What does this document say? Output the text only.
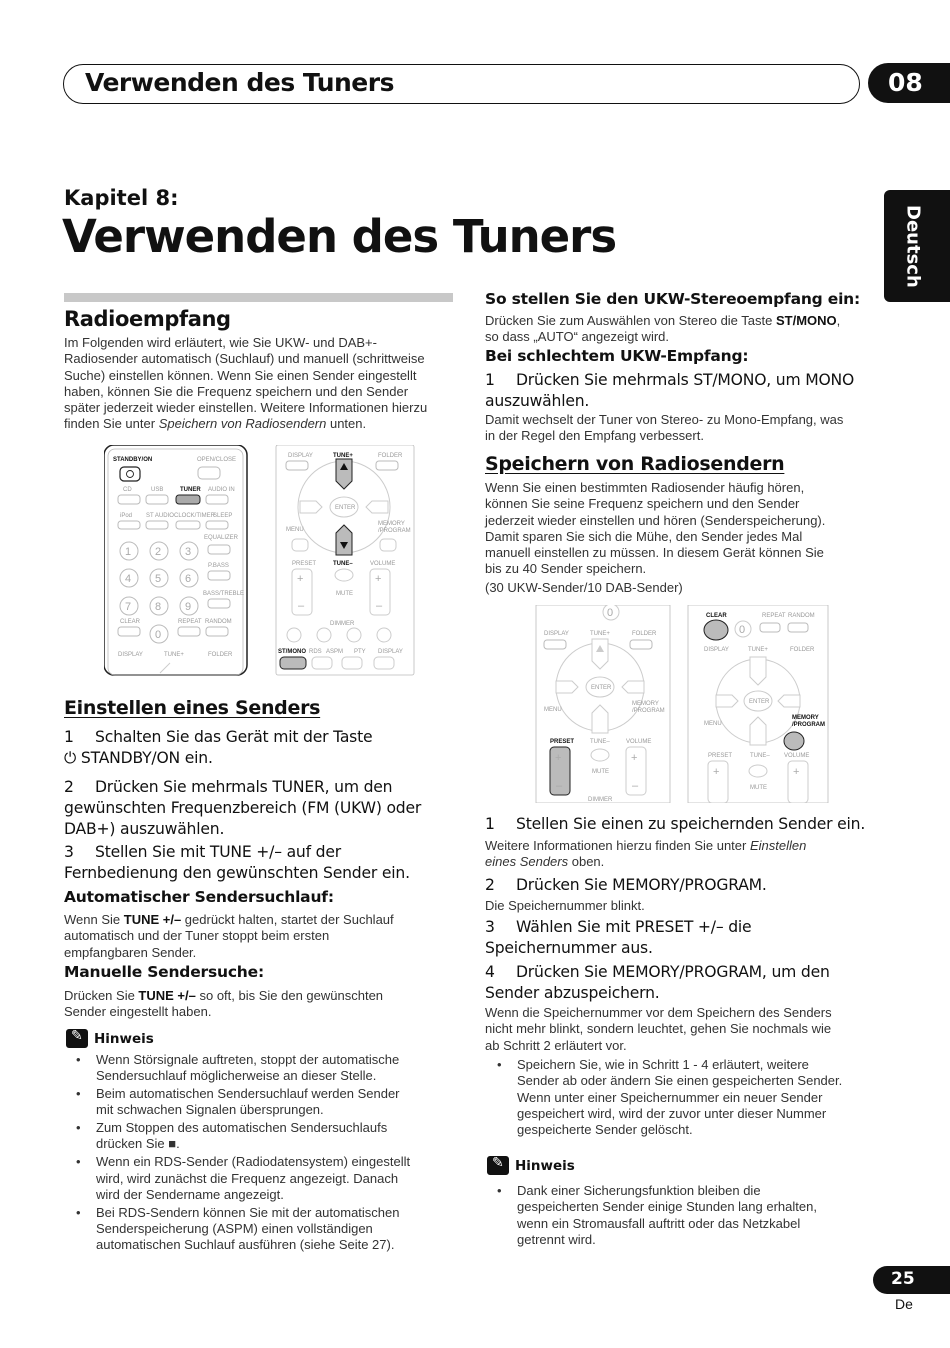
Verwenden des Tuners	08
Deutsch
Kapitel 8:
Verwenden des Tuners
Radioempfang
Im Folgenden wird erläutert, wie Sie UKW- und DAB+-
Radiosender automatisch (Suchlauf) und manuell (schrittweise
Suche) einstellen können. Wenn Sie einen Sender eingestellt
haben, können Sie die Frequenz speichern und den Sender
später jederzeit wieder einstellen. Weitere Informationen hierzu
finden Sie unter Speichern von Radiosendern unten.
STANDBY/ON	OPEN/CLOSE
CD	USB	TUNER AUDIO IN
iPod ST AUDIO CLOCK/TIMER
SLEEP
EQUALIZER
1 2 3
P.BASS
4 5 6
BASS/TREBLE
7 8 9
CLEAR	REPEAT RANDOM
0
DISPLAY	TUNE+	FOLDER
DISPLAY	TUNE+	FOLDER
ENTER
MENU
MEMORY
/PROGRAM
PRESET	TUNE–	VOLUME
+
–
+
–
MUTE
DIMMER
ST/MONO RDS ASPM PTY DISPLAY
Einstellen eines Senders
1 Schalten Sie das Gerät mit der Taste
⏻ STANDBY/ON ein.
2 Drücken Sie mehrmals TUNER, um den
gewünschten Frequenzbereich (FM (UKW) oder
DAB+) auszuwählen.
3 Stellen Sie mit TUNE +/– auf der
Fernbedienung den gewünschten Sender ein.
Automatischer Sendersuchlauf:
Wenn Sie TUNE +/– gedrückt halten, startet der Suchlauf
automatisch und der Tuner stoppt beim ersten
empfangbaren Sender.
Manuelle Sendersuche:
Drücken Sie TUNE +/– so oft, bis Sie den gewünschten
Sender eingestellt haben.
✎
Hinweis
• Wenn Störsignale auftreten, stoppt der automatische
Sendersuchlauf möglicherweise an dieser Stelle.
• Beim automatischen Sendersuchlauf werden Sender
mit schwachen Signalen übersprungen.
• Zum Stoppen des automatischen Sendersuchlaufs
drücken Sie ■.
• Wenn ein RDS-Sender (Radiodatensystem) eingestellt
wird, wird zunächst die Frequenz angezeigt. Danach
wird der Sendername angezeigt.
• Bei RDS-Sendern können Sie mit der automatischen
Senderspeicherung (ASPM) einen vollständigen
automatischen Suchlauf ausführen (siehe Seite 27).
So stellen Sie den UKW-Stereoempfang ein:
Drücken Sie zum Auswählen von Stereo die Taste ST/MONO,
so dass „AUTO“ angezeigt wird.
Bei schlechtem UKW-Empfang:
1 Drücken Sie mehrmals ST/MONO, um MONO
auszuwählen.
Damit wechselt der Tuner von Stereo- zu Mono-Empfang, was
in der Regel den Empfang verbessert.
Speichern von Radiosendern
Wenn Sie einen bestimmten Radiosender häufig hören,
können Sie seine Frequenz speichern und den Sender
jederzeit wieder einstellen und hören (Senderspeicherung).
Damit sparen Sie sich die Mühe, den Sender jedes Mal
manuell einstellen zu müssen. In diesem Gerät können Sie
bis zu 40 Sender speichern.
(30 UKW-Sender/10 DAB-Sender)
0
DISPLAY	TUNE+	FOLDER
ENTER
MENU
MEMORY
/PROGRAM
PRESET	TUNE–	VOLUME
+
–
+
–
MUTE
DIMMER
CLEAR	REPEAT RANDOM
0
DISPLAY	TUNE+	FOLDER
ENTER
MENU
MEMORY
/PROGRAM
PRESET	TUNE– VOLUME
+	+
MUTE
1 Stellen Sie einen zu speichernden Sender ein.
Weitere Informationen hierzu finden Sie unter Einstellen
eines Senders oben.
2 Drücken Sie MEMORY/PROGRAM.
Die Speichernummer blinkt.
3 Wählen Sie mit PRESET +/– die
Speichernummer aus.
4 Drücken Sie MEMORY/PROGRAM, um den
Sender abzuspeichern.
Wenn die Speichernummer vor dem Speichern des Senders
nicht mehr blinkt, sondern leuchtet, gehen Sie nochmals wie
ab Schritt 2 erläutert vor.
• Speichern Sie, wie in Schritt 1 - 4 erläutert, weitere
Sender ab oder ändern Sie einen gespeicherten Sender.
Wenn unter einer Speichernummer ein neuer Sender
gespeichert wird, wird der zuvor unter dieser Nummer
gespeicherte Sender gelöscht.
✎
Hinweis
• Dank einer Sicherungsfunktion bleiben die
gespeicherten Sender einige Stunden lang erhalten,
wenn ein Stromausfall auftritt oder das Netzkabel
getrennt wird.
25
De
